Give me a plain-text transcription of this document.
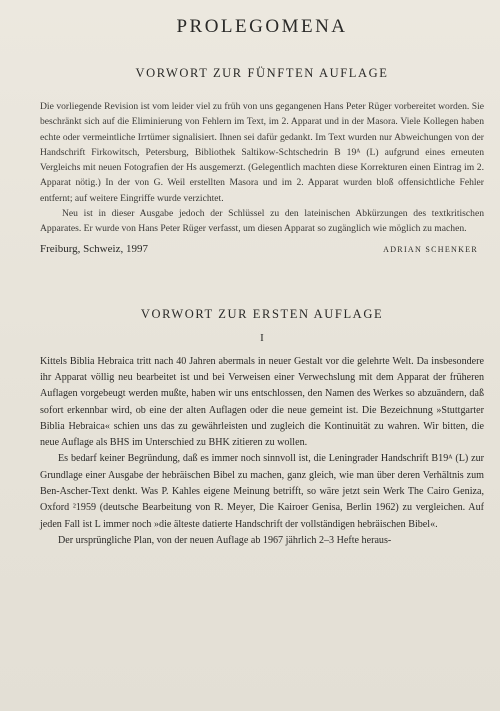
PROLEGOMENA
VORWORT ZUR FÜNFTEN AUFLAGE

Die vorliegende Revision ist vom leider viel zu früh von uns gegangenen Hans Peter Rüger vorbereitet worden. Sie beschränkt sich auf die Eliminierung von Fehlern im Text, im 2. Apparat und in der Masora. Viele Kollegen haben echte oder vermeintliche Irrtümer signalisiert. Ihnen sei dafür gedankt. Im Text wurden nur Abweichungen von der Handschrift Firkowitsch, Petersburg, Bibliothek Saltikow-Schtschedrin B 19ᴬ (L) aufgrund eines erneuten Vergleichs mit neuen Fotografien der Hs ausgemerzt. (Gelegentlich machten diese Korrekturen einen Eintrag im 2. Apparat nötig.) In der von G. Weil erstellten Masora und im 2. Apparat wurden bloß offensichtliche Fehler entfernt; auf weitere Eingriffe wurde verzichtet.

Neu ist in dieser Ausgabe jedoch der Schlüssel zu den lateinischen Abkürzungen des textkritischen Apparates. Er wurde von Hans Peter Rüger verfasst, um diesen Apparat so zugänglich wie möglich zu machen.

Freiburg, Schweiz, 1997	ADRIAN SCHENKER
VORWORT ZUR ERSTEN AUFLAGE
I

Kittels Biblia Hebraica tritt nach 40 Jahren abermals in neuer Gestalt vor die gelehrte Welt. Da insbesondere ihr Apparat völlig neu bearbeitet ist und bei Verweisen einer Verwechslung mit dem Apparat der früheren Auflagen vorgebeugt werden mußte, haben wir uns entschlossen, den Namen des Werkes so abzuändern, daß sofort erkennbar wird, ob eine der alten Auflagen oder die neue gemeint ist. Die Bezeichnung »Stuttgarter Biblia Hebraica« schien uns das zu gewährleisten und zugleich die Kontinuität zu wahren. Wir bitten, die neue Auflage als BHS im Unterschied zu BHK zitieren zu wollen.

Es bedarf keiner Begründung, daß es immer noch sinnvoll ist, die Leningrader Handschrift B19ᴬ (L) zur Grundlage einer Ausgabe der hebräischen Bibel zu machen, ganz gleich, wie man über deren Verhältnis zum Ben-Ascher-Text denkt. Was P. Kahles eigene Meinung betrifft, so wäre jetzt sein Werk The Cairo Geniza, Oxford ²1959 (deutsche Bearbeitung von R. Meyer, Die Kairoer Genisa, Berlin 1962) zu vergleichen. Auf jeden Fall ist L immer noch »die älteste datierte Handschrift der vollständigen hebräischen Bibel«.

Der ursprüngliche Plan, von der neuen Auflage ab 1967 jährlich 2–3 Hefte heraus-
